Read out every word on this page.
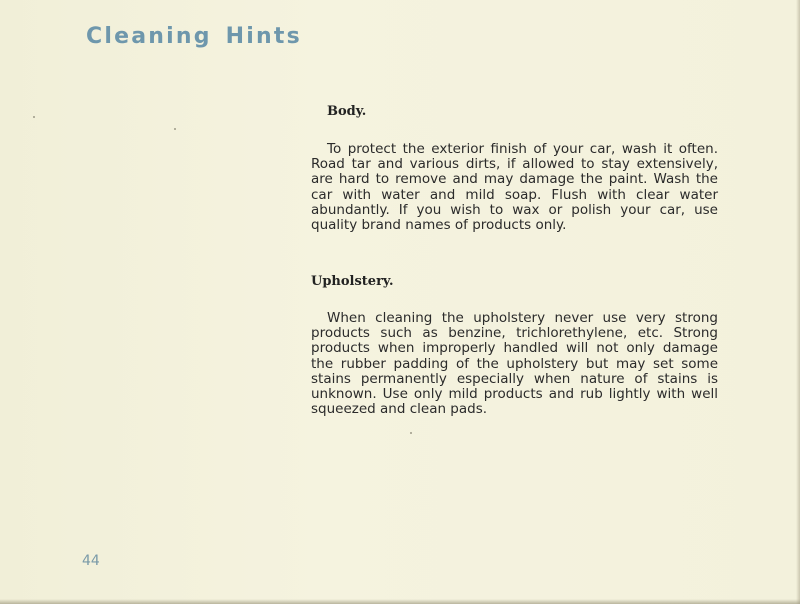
Cleaning Hints
Body.

To protect the exterior finish of your car, wash it often. Road tar and various dirts, if allowed to stay extensively, are hard to remove and may damage the paint. Wash the car with water and mild soap. Flush with clear water abundantly. If you wish to wax or polish your car, use quality brand names of products only.

Upholstery.

When cleaning the upholstery never use very strong products such as benzine, trichlorethylene, etc. Strong products when improperly handled will not only damage the rubber padding of the upholstery but may set some stains permanently especially when nature of stains is unknown. Use only mild products and rub lightly with well squeezed and clean pads.

44
